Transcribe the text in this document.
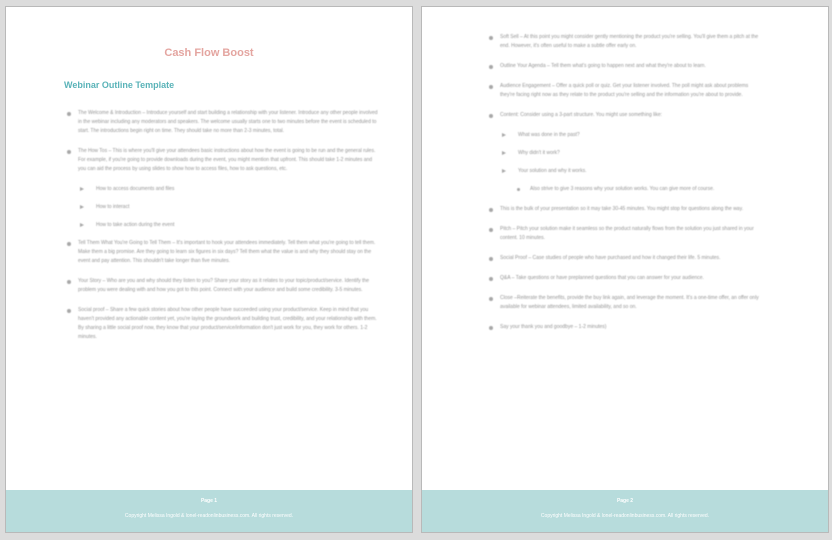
Cash Flow Boost
Webinar Outline Template
The Welcome & Introduction – Introduce yourself and start building a relationship with your listener. Introduce any other people involved in the webinar including any moderators and speakers. The welcome usually starts one to two minutes before the event is scheduled to start. The introductions begin right on time. They should take no more than 2-3 minutes, total.
The How Tos – This is where you'll give your attendees basic instructions about how the event is going to be run and the general rules. For example, if you're going to provide downloads during the event, you might mention that upfront. This should take 1-2 minutes and you can aid the process by using slides to show how to access files, how to ask questions, etc.
How to access documents and files
How to interact
How to take action during the event
Tell Them What You're Going to Tell Them – It's important to hook your attendees immediately. Tell them what you're going to tell them. Make them a big promise. Are they going to learn six figures in six days? Tell them what the value is and why they should stay on the event and pay attention. This shouldn't take longer than five minutes.
Your Story – Who are you and why should they listen to you? Share your story as it relates to your topic/product/service. Identify the problem you were dealing with and how you got to this point. Connect with your audience and build some credibility. 3-5 minutes.
Social proof – Share a few quick stories about how other people have succeeded using your product/service. Keep in mind that you haven't provided any actionable content yet, you're laying the groundwork and building trust, credibility, and your relationship with them. By sharing a little social proof now, they know that your product/service/information don't just work for you, they work for others. 1-2 minutes.
Page 1
Copyright Melissa Ingold & lonel-readonlinbusiness.com. All rights reserved.
Soft Sell – At this point you might consider gently mentioning the product you're selling. You'll give them a pitch at the end. However, it's often useful to make a subtle offer early on.
Outline Your Agenda – Tell them what's going to happen next and what they're about to learn.
Audience Engagement – Offer a quick poll or quiz. Get your listener involved. The poll might ask about problems they're facing right now as they relate to the product you're selling and the information you're about to provide.
Content: Consider using a 3-part structure. You might use something like:
What was done in the past?
Why didn't it work?
Your solution and why it works.
Also strive to give 3 reasons why your solution works. You can give more of course.
This is the bulk of your presentation so it may take 30-45 minutes. You might stop for questions along the way.
Pitch – Pitch your solution make it seamless so the product naturally flows from the solution you just shared in your content. 10 minutes.
Social Proof – Case studies of people who have purchased and how it changed their life. 5 minutes.
Q&A – Take questions or have preplanned questions that you can answer for your audience.
Close –Reiterate the benefits, provide the buy link again, and leverage the moment. It's a one-time offer, an offer only available for webinar attendees, limited availability, and so on.
Say your thank you and goodbye – 1-2 minutes)
Page 2
Copyright Melissa Ingold & lonel-readonlinbusiness.com. All rights reserved.
